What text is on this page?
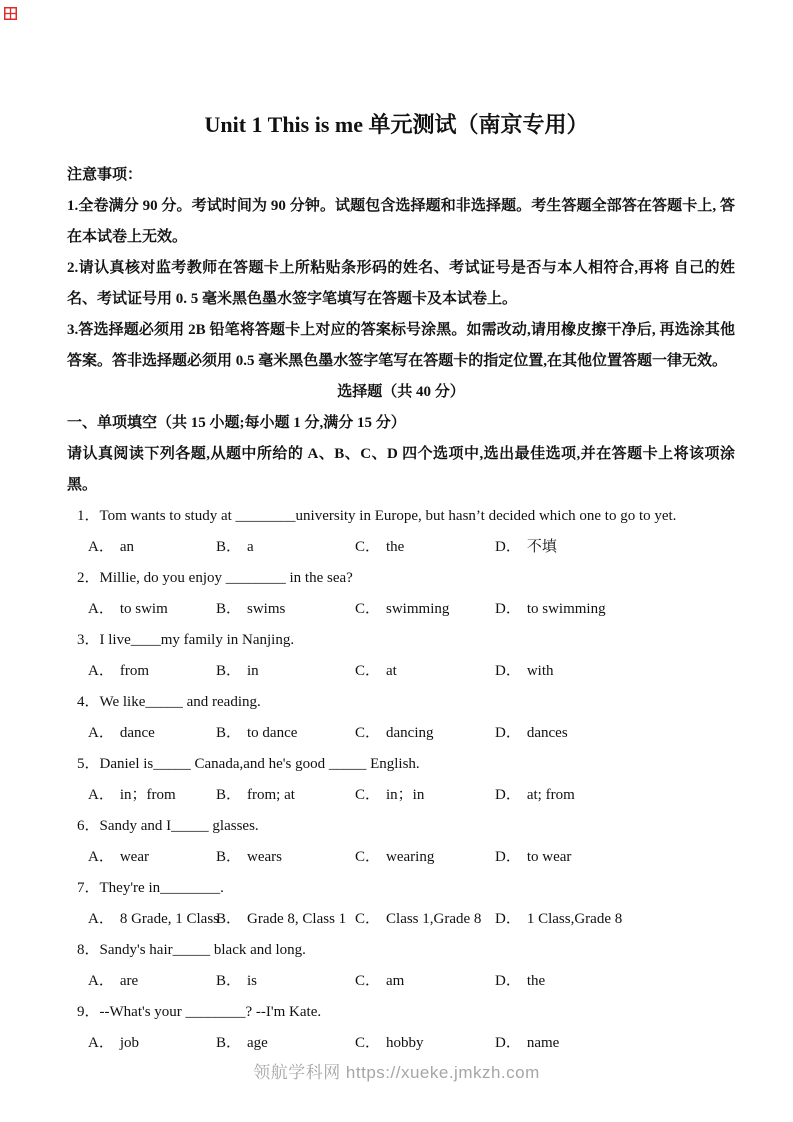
Unit 1 This is me 单元测试（南京专用）

注意事项：

1.全卷满分 90 分。考试时间为 90 分钟。试题包含选择题和非选择题。考生答题全部答在答题卡上, 答在本试卷上无效。

2.请认真核对监考教师在答题卡上所粘贴条形码的姓名、考试证号是否与本人相符合,再将 自己的姓名、考试证号用 0. 5 毫米黑色墨水签字笔填写在答题卡及本试卷上。

3.答选择题必须用 2B 铅笔将答题卡上对应的答案标号涂黑。如需改动,请用橡皮擦干净后, 再选涂其他答案。答非选择题必须用 0.5 毫米黑色墨水签字笔写在答题卡的指定位置,在其他位置答题一律无效。

选择题（共 40 分）

一、单项填空（共 15 小题;每小题 1 分,满分 15 分）

请认真阅读下列各题,从题中所给的 A、B、C、D 四个选项中,选出最佳选项,并在答题卡上将该项涂黑。

1．Tom wants to study at ________university in Europe, but hasn’t decided which one to go to yet.
A． an	B． a	C． the	D． 不填
2．Millie, do you enjoy ________ in the sea?
A． to swim	B． swims	C． swimming	D． to swimming
3．I live____my family in Nanjing.
A． from	B． in	C． at	D． with
4．We like_____ and reading.
A． dance	B． to dance	C． dancing	D． dances
5．Daniel is_____ Canada,and he's good _____ English.
A． in；from	B． from; at	C． in；in	D． at; from
6．Sandy and I_____ glasses.
A． wear	B． wears	C． wearing	D． to wear
7．They're in________.
A． 8 Grade, 1 Class
B． Grade 8, Class 1 C． Class 1,Grade 8 D． 1 Class,Grade 8
8．Sandy's hair_____ black and long.
A． are	B． is	C． am	D． the
9．--What's your ________? --I'm Kate.
A． job	B． age	C． hobby	D． name
领航学科网 https://xueke.jmkzh.com
